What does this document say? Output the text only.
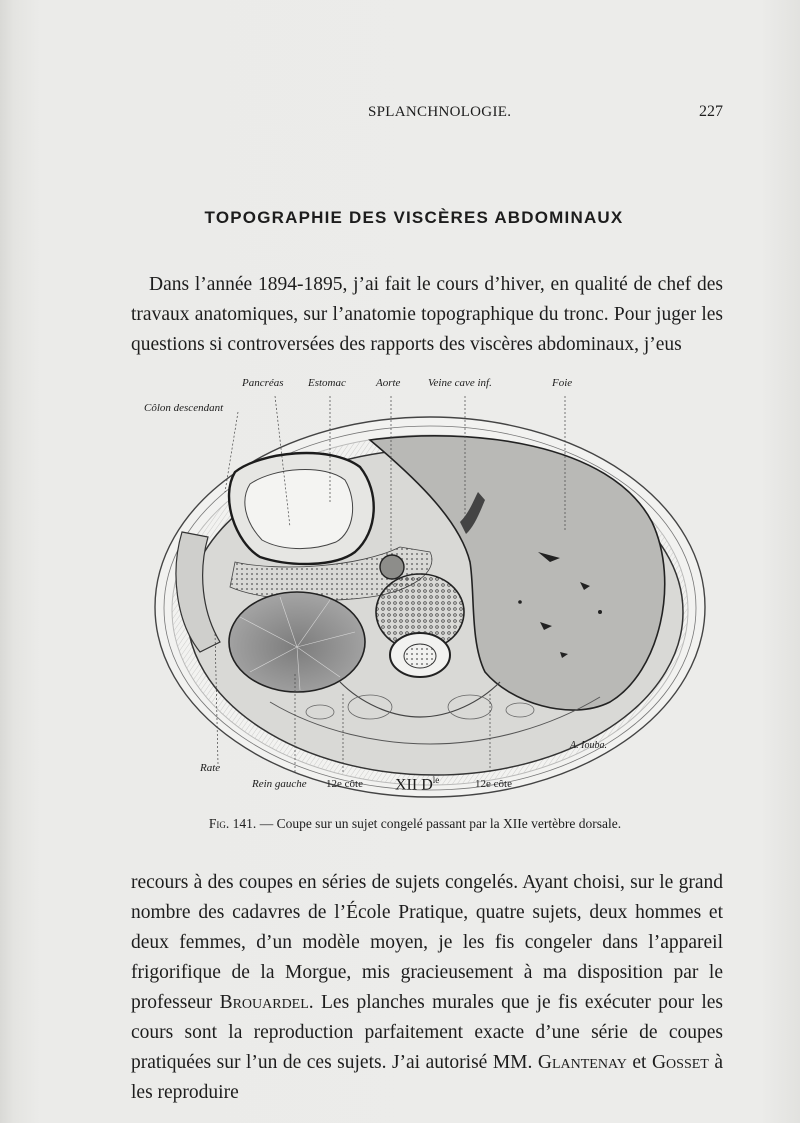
SPLANCHNOLOGIE.	227
TOPOGRAPHIE DES VISCÈRES ABDOMINAUX

Dans l’année 1894-1895, j’ai fait le cours d’hiver, en qualité de chef des travaux anatomiques, sur l’anatomie topographique du tronc. Pour juger les questions si controversées des rapports des viscères abdominaux, j’eus

Pancréas Estomac	Aorte	Veine cave inf.	Foie
Côlon descendant
Rate
Rein gauche 12e côte XII $D^{le}$	12e côte
A. Iouba.
Fig. 141. — Coupe sur un sujet congelé passant par la XIIe vertèbre dorsale.

recours à des coupes en séries de sujets congelés. Ayant choisi, sur le grand nombre des cadavres de l’École Pratique, quatre sujets, deux hommes et deux femmes, d’un modèle moyen, je les fis congeler dans l’appareil frigorifique de la Morgue, mis gracieusement à ma disposition par le professeur Brouardel. Les planches murales que je fis exécuter pour les cours sont la reproduction parfaitement exacte d’une série de coupes pratiquées sur l’un de ces sujets. J’ai autorisé MM. Glantenay et Gosset à les reproduire
